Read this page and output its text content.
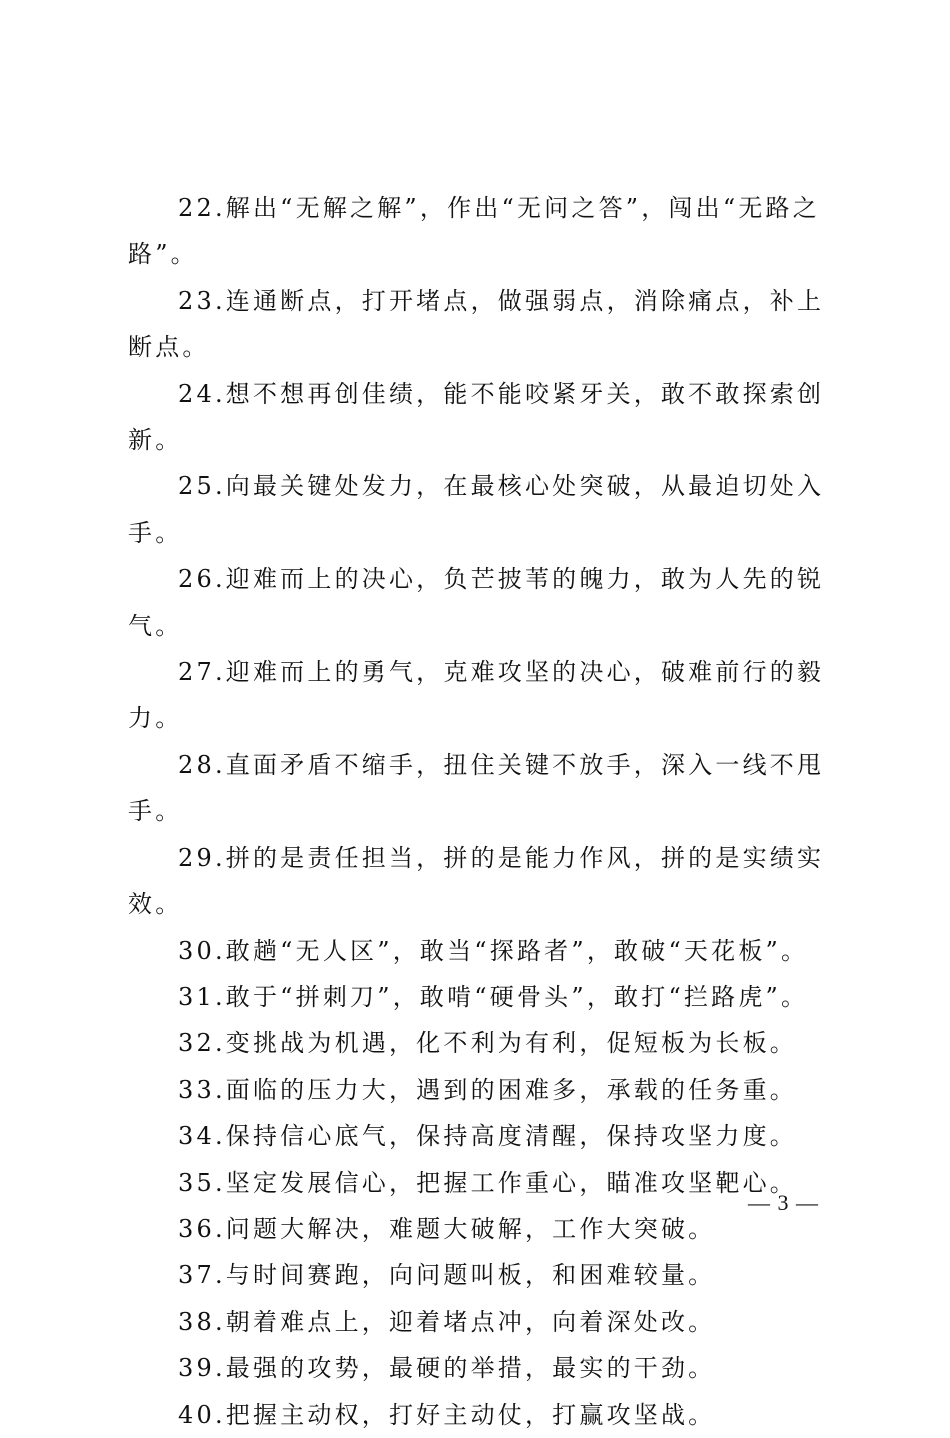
22.解出“无解之解”，作出“无问之答”，闯出“无路之路”。

23.连通断点，打开堵点，做强弱点，消除痛点，补上断点。

24.想不想再创佳绩，能不能咬紧牙关，敢不敢探索创新。

25.向最关键处发力，在最核心处突破，从最迫切处入手。

26.迎难而上的决心，负芒披苇的魄力，敢为人先的锐气。

27.迎难而上的勇气，克难攻坚的决心，破难前行的毅力。

28.直面矛盾不缩手，扭住关键不放手，深入一线不甩手。

29.拼的是责任担当，拼的是能力作风，拼的是实绩实效。

30.敢趟“无人区”，敢当“探路者”，敢破“天花板”。

31.敢于“拼刺刀”，敢啃“硬骨头”，敢打“拦路虎”。

32.变挑战为机遇，化不利为有利，促短板为长板。

33.面临的压力大，遇到的困难多，承载的任务重。

34.保持信心底气，保持高度清醒，保持攻坚力度。

35.坚定发展信心，把握工作重心，瞄准攻坚靶心。

36.问题大解决，难题大破解，工作大突破。

37.与时间赛跑，向问题叫板，和困难较量。

38.朝着难点上，迎着堵点冲，向着深处改。

39.最强的攻势，最硬的举措，最实的干劲。

40.把握主动权，打好主动仗，打赢攻坚战。

— 3 —
